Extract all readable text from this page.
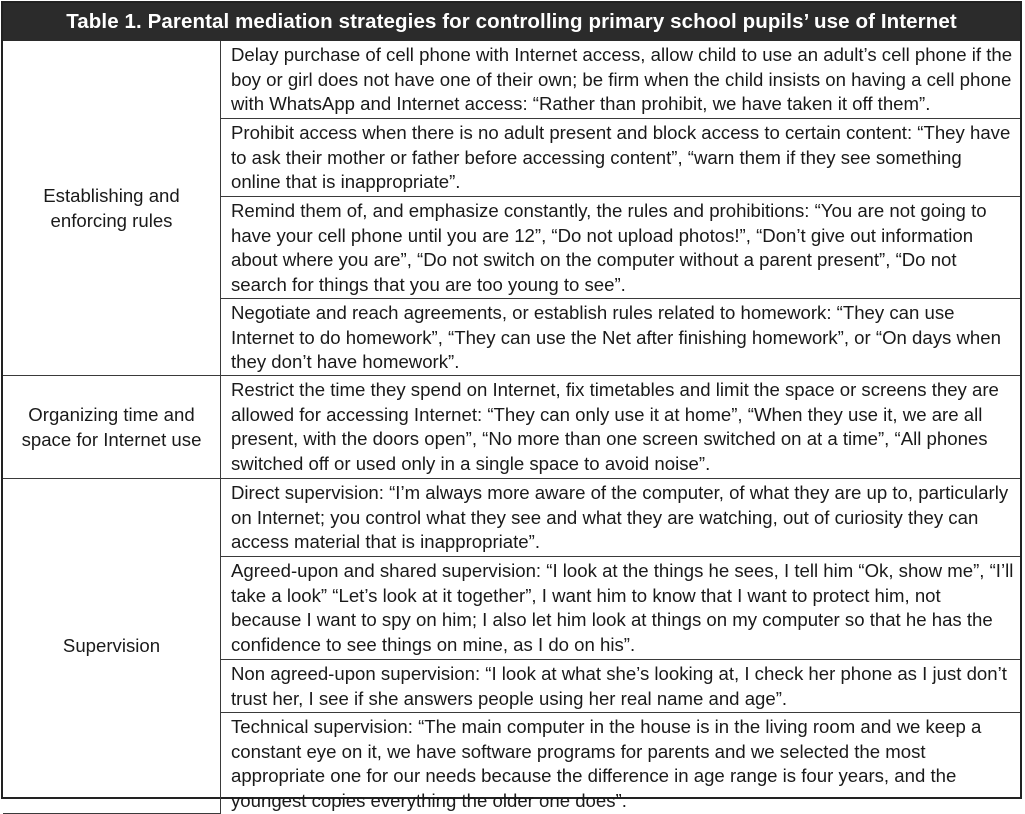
Table 1. Parental mediation strategies for controlling primary school pupils’ use of Internet
Establishing and enforcing rules	Delay purchase of cell phone with Internet access, allow child to use an adult’s cell phone if the boy or girl does not have one of their own; be firm when the child insists on having a cell phone with WhatsApp and Internet access: “Rather than prohibit, we have taken it off them”.
	Prohibit access when there is no adult present and block access to certain content: “They have to ask their mother or father before accessing content”, “warn them if they see something online that is inappropriate”.
	Remind them of, and emphasize constantly, the rules and prohibitions: “You are not going to have your cell phone until you are 12”, “Do not upload photos!”, “Don’t give out information about where you are”, “Do not switch on the computer without a parent present”, “Do not search for things that you are too young to see”.
	Negotiate and reach agreements, or establish rules related to homework: “They can use Internet to do homework”, “They can use the Net after finishing homework”, or “On days when they don’t have homework”.
Organizing time and space for Internet use	Restrict the time they spend on Internet, fix timetables and limit the space or screens they are allowed for accessing Internet: “They can only use it at home”, “When they use it, we are all present, with the doors open”, “No more than one screen switched on at a time”, “All phones switched off or used only in a single space to avoid noise”.
Supervision	Direct supervision: “I’m always more aware of the computer, of what they are up to, particularly on Internet; you control what they see and what they are watching, out of curiosity they can access material that is inappropriate”.
	Agreed-upon and shared supervision: “I look at the things he sees, I tell him “Ok, show me”, “I’ll take a look” “Let’s look at it together”, I want him to know that I want to protect him, not because I want to spy on him; I also let him look at things on my computer so that he has the confidence to see things on mine, as I do on his”.
	Non agreed-upon supervision: “I look at what she’s looking at, I check her phone as I just don’t trust her, I see if she answers people using her real name and age”.
	Technical supervision: “The main computer in the house is in the living room and we keep a constant eye on it, we have software programs for parents and we selected the most appropriate one for our needs because the difference in age range is four years, and the youngest copies everything the older one does”.
